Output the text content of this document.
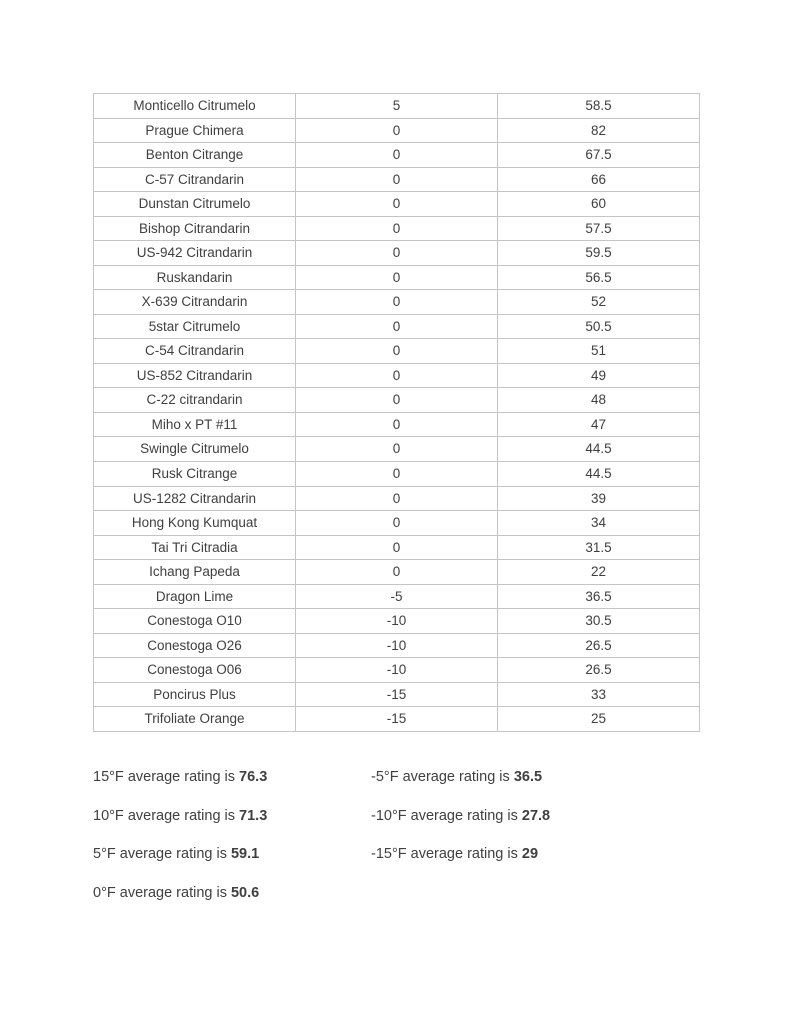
Monticello Citrumelo	5	58.5
Prague Chimera	0	82
Benton Citrange	0	67.5
C-57 Citrandarin	0	66
Dunstan Citrumelo	0	60
Bishop Citrandarin	0	57.5
US-942 Citrandarin	0	59.5
Ruskandarin	0	56.5
X-639 Citrandarin	0	52
5star Citrumelo	0	50.5
C-54 Citrandarin	0	51
US-852 Citrandarin	0	49
C-22 citrandarin	0	48
Miho x PT #11	0	47
Swingle Citrumelo	0	44.5
Rusk Citrange	0	44.5
US-1282 Citrandarin	0	39
Hong Kong Kumquat	0	34
Tai Tri Citradia	0	31.5
Ichang Papeda	0	22
Dragon Lime	-5	36.5
Conestoga O10	-10	30.5
Conestoga O26	-10	26.5
Conestoga O06	-10	26.5
Poncirus Plus	-15	33
Trifoliate Orange	-15	25

15°F average rating is 76.3

10°F average rating is 71.3

5°F average rating is 59.1

0°F average rating is 50.6

-5°F average rating is 36.5

-10°F average rating is 27.8

-15°F average rating is 29
